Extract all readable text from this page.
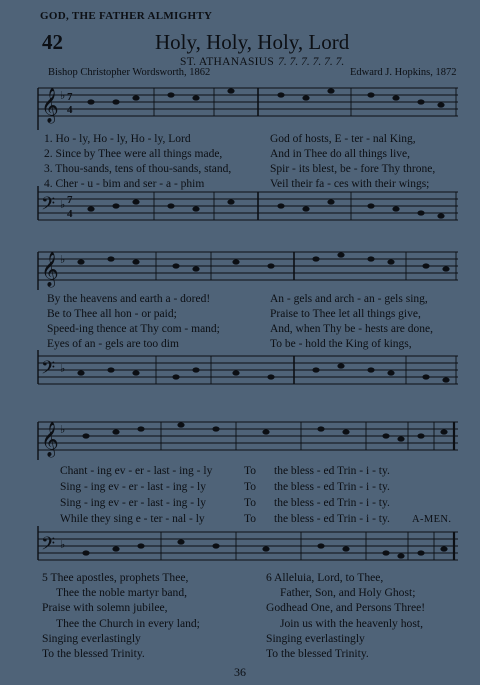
GOD, THE FATHER ALMIGHTY
42	Holy, Holy, Holy, Lord
ST. ATHANASIUS 7. 7. 7. 7. 7. 7.
Bishop Christopher Wordsworth, 1862	Edward J. Hopkins, 1872
𝄞 ♭ 7
4
1. Ho - ly, Ho - ly, Ho - ly, Lord	God of hosts, E - ter - nal King,
2. Since by Thee were all things made,	And in Thee do all things live,
3. Thou-sands, tens of thou-sands, stand,	Spir - its blest, be - fore Thy throne,
4. Cher - u - bim and ser - a - phim	Veil their fa - ces with their wings;
𝄢 ♭ 7
4
𝄞 ♭
By the heavens and earth a - dored!	An - gels and arch - an - gels sing,
Be to Thee all hon - or paid;	Praise to Thee let all things give,
Speed-ing thence at Thy com - mand;	And, when Thy be - hests are done,
Eyes of an - gels are too dim	To be - hold the King of kings,
𝄢 ♭
𝄞 ♭
Chant - ing ev - er - last - ing - ly	To the bless - ed Trin - i - ty.
Sing - ing ev - er - last - ing - ly	To the bless - ed Trin - i - ty.
Sing - ing ev - er - last - ing - ly	To the bless - ed Trin - i - ty.
While they sing e - ter - nal - ly	To the bless - ed Trin - i - ty. A-MEN.
𝄢 ♭
5 Thee apostles, prophets Thee,
Thee the noble martyr band,
Praise with solemn jubilee,
Thee the Church in every land;
Singing everlastingly
To the blessed Trinity.
6 Alleluia, Lord, to Thee,
Father, Son, and Holy Ghost;
Godhead One, and Persons Three!
Join us with the heavenly host,
Singing everlastingly
To the blessed Trinity.
36
